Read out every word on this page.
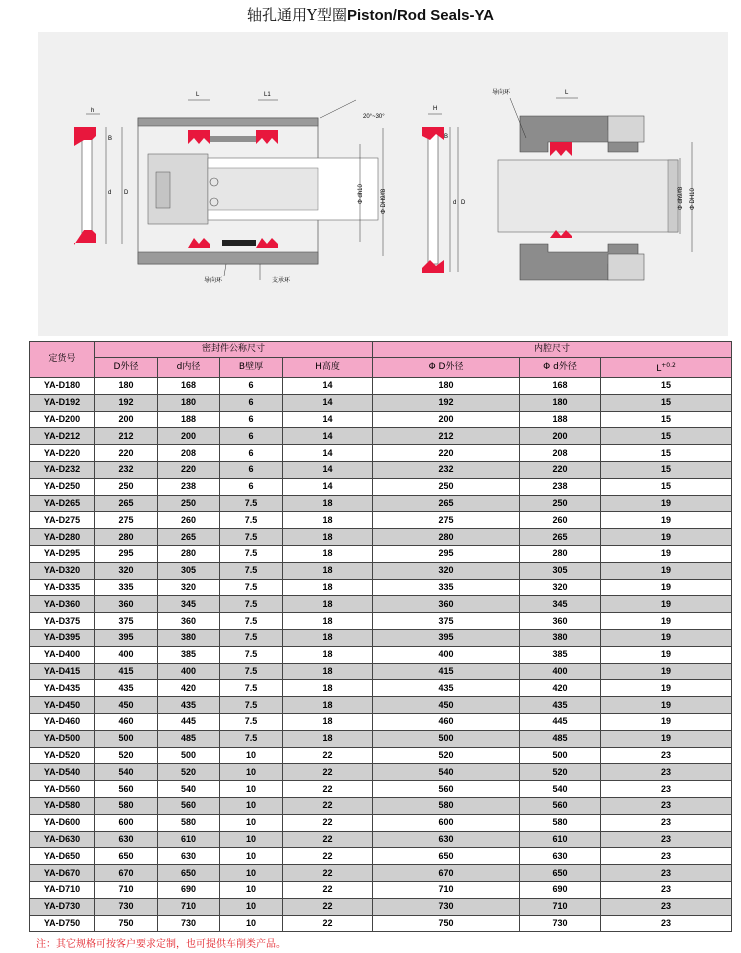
轴孔通用Y型圈Piston/Rod Seals-YA
h
B
d D
L	L1
20°~30°
Φ dh10	Φ DH9/f8
导向环	支承环
H
B
d D
导向环	L
Φ dh9/f8 Φ DH10
定货号	密封件公称尺寸				内腔尺寸		
	D外径	d内径	B壁厚	H高度	Φ D外径	Φ d外径	$L^{+0.2}$
YA-D180	180	168	6	14	180	168	15
YA-D192	192	180	6	14	192	180	15
YA-D200	200	188	6	14	200	188	15
YA-D212	212	200	6	14	212	200	15
YA-D220	220	208	6	14	220	208	15
YA-D232	232	220	6	14	232	220	15
YA-D250	250	238	6	14	250	238	15
YA-D265	265	250	7.5	18	265	250	19
YA-D275	275	260	7.5	18	275	260	19
YA-D280	280	265	7.5	18	280	265	19
YA-D295	295	280	7.5	18	295	280	19
YA-D320	320	305	7.5	18	320	305	19
YA-D335	335	320	7.5	18	335	320	19
YA-D360	360	345	7.5	18	360	345	19
YA-D375	375	360	7.5	18	375	360	19
YA-D395	395	380	7.5	18	395	380	19
YA-D400	400	385	7.5	18	400	385	19
YA-D415	415	400	7.5	18	415	400	19
YA-D435	435	420	7.5	18	435	420	19
YA-D450	450	435	7.5	18	450	435	19
YA-D460	460	445	7.5	18	460	445	19
YA-D500	500	485	7.5	18	500	485	19
YA-D520	520	500	10	22	520	500	23
YA-D540	540	520	10	22	540	520	23
YA-D560	560	540	10	22	560	540	23
YA-D580	580	560	10	22	580	560	23
YA-D600	600	580	10	22	600	580	23
YA-D630	630	610	10	22	630	610	23
YA-D650	650	630	10	22	650	630	23
YA-D670	670	650	10	22	670	650	23
YA-D710	710	690	10	22	710	690	23
YA-D730	730	710	10	22	730	710	23
YA-D750	750	730	10	22	750	730	23
注：其它规格可按客户要求定制，也可提供车削类产品。
